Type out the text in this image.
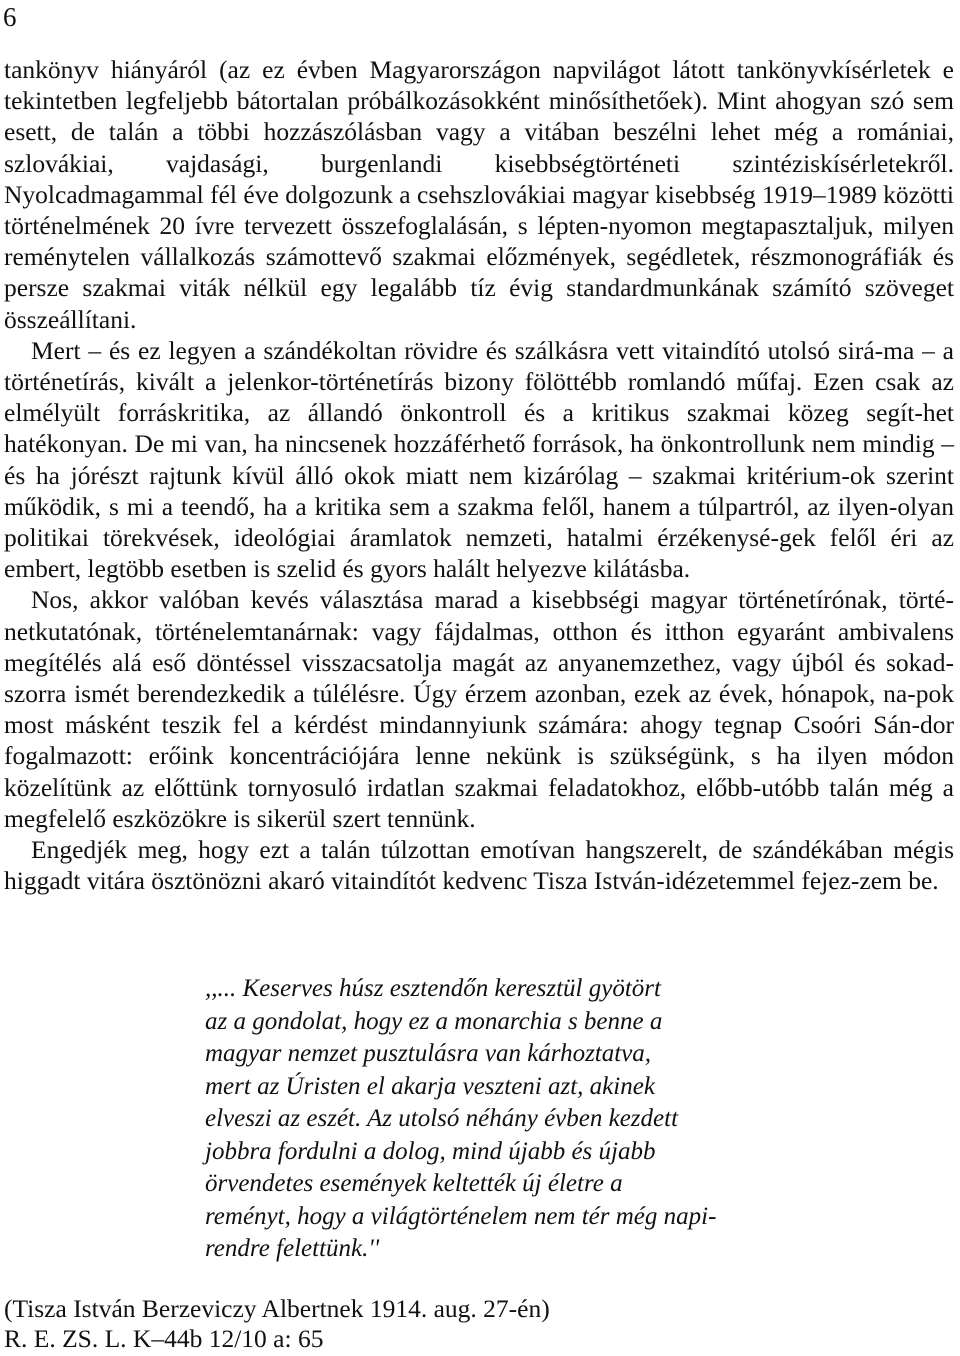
6

tankönyv hiányáról (az ez évben Magyarországon napvilágot látott tankönyvkísérletek e tekintetben legfeljebb bátortalan próbálkozásokként minősíthetőek). Mint ahogyan szó sem esett, de talán a többi hozzászólásban vagy a vitában beszélni lehet még a romániai, szlovákiai, vajdasági, burgenlandi kisebbségtörténeti szintéziskísérletekről. Nyolcadmagammal fél éve dolgozunk a csehszlovákiai magyar kisebbség 1919–1989 közötti történelmének 20 ívre tervezett összefoglalásán, s lépten-nyomon megtapasztaljuk, milyen reménytelen vállalkozás számottevő szakmai előzmények, segédletek, részmonográfiák és persze szakmai viták nélkül egy legalább tíz évig standardmunkának számító szöveget összeállítani.

Mert – és ez legyen a szándékoltan rövidre és szálkásra vett vitaindító utolsó sirá-ma – a történetírás, kivált a jelenkor-történetírás bizony fölöttébb romlandó műfaj. Ezen csak az elmélyült forráskritika, az állandó önkontroll és a kritikus szakmai közeg segít-het hatékonyan. De mi van, ha nincsenek hozzáférhető források, ha önkontrollunk nem mindig – és ha jórészt rajtunk kívül álló okok miatt nem kizárólag – szakmai kritérium-ok szerint működik, s mi a teendő, ha a kritika sem a szakma felől, hanem a túlpartról, az ilyen-olyan politikai törekvések, ideológiai áramlatok nemzeti, hatalmi érzékenysé-gek felől éri az embert, legtöbb esetben is szelid és gyors halált helyezve kilátásba.

Nos, akkor valóban kevés választása marad a kisebbségi magyar történetírónak, törté-netkutatónak, történelemtanárnak: vagy fájdalmas, otthon és itthon egyaránt ambivalens megítélés alá eső döntéssel visszacsatolja magát az anyanemzethez, vagy újból és sokad-szorra ismét berendezkedik a túlélésre. Úgy érzem azonban, ezek az évek, hónapok, na-pok most másként teszik fel a kérdést mindannyiunk számára: ahogy tegnap Csoóri Sán-dor fogalmazott: erőink koncentrációjára lenne nekünk is szükségünk, s ha ilyen módon közelítünk az előttünk tornyosuló irdatlan szakmai feladatokhoz, előbb-utóbb talán még a megfelelő eszközökre is sikerül szert tennünk.

Engedjék meg, hogy ezt a talán túlzottan emotívan hangszerelt, de szándékában mégis higgadt vitára ösztönözni akaró vitaindítót kedvenc Tisza István-idézetemmel fejez-zem be.

,,... Keserves húsz esztendőn keresztül gyötört
az a gondolat, hogy ez a monarchia s benne a
magyar nemzet pusztulásra van kárhoztatva,
mert az Úristen el akarja veszteni azt, akinek
elveszi az eszét. Az utolsó néhány évben kezdett
jobbra fordulni a dolog, mind újabb és újabb
örvendetes események keltették új életre a
reményt, hogy a világtörténelem nem tér még napi-
rendre felettünk.''
(Tisza István Berzeviczy Albertnek 1914. aug. 27-én)
R. E. ZS. L. K–44b 12/10 a: 65
